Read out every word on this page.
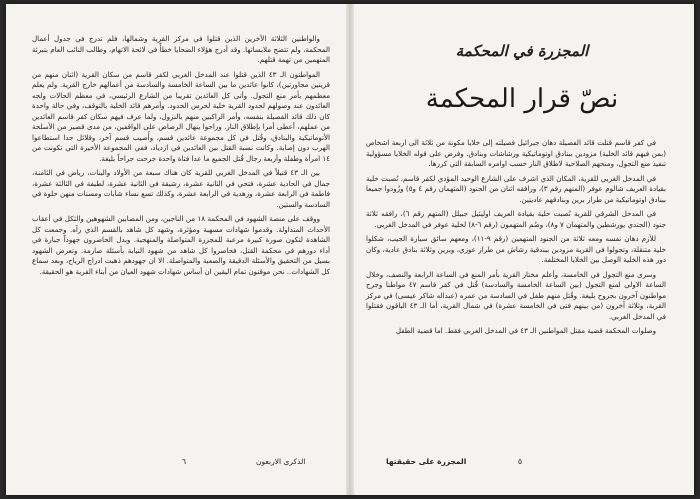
والواطنين الثلاثة الآخرين الذين قتلوا في مركز القرية وشمالها، فلم تدرج في جدول أعمال المحكمة، ولم تتضح ملابساتها. وقد أدرج هؤلاء الضحايا خطأً في لائحة الاتهام، وطالب النائب العام بتبرئة المتهمين من تهمة قتلهم.

المواطنون الـ ٤٣ الذين قتلوا عند المدخل الغربي لكفر قاسم من سكان القرية (اثنان منهم من قريتين مجاورتين)، كانوا عائدين ما بين الساعة الخامسة والسادسة من أعمالهم خارج القرية. ولم يعلم معظمهم بأمر منع التجول. وأتى كل العائدين تقريبا من الشارع الرئيسي، في معظم الحالات ولجه العائدون عند وصولهم لحدود القرية خلية لحرس الحدود. وأمرهم قائد الخلية بالتوقف، وفي حالة واحدة كان ذلك قائد الفصيلة بنفسه، وأمر الراكبين منهم بالنزول، ولما عرف فيهم سكان كفر قاسم العائدين من عملهم، أعطى أمرا بإطلاق النار. وراحوا ينهال الرصاص على الواقفين، من مدى قصير من الأسلحة الأتوماتيكية والبنادق، وقُتل في كل مجموعة عائدين قسم، وأُصيب قسم آخر، وقلائل جدا استطاعوا الهرب دون إصابة. وكانت نسبة القتل بين العائدين في ازدياد، ففي المجموعة الأخيرة التي تكونت من ١٤ امرأة وطفلة وأربعة رجال قُتل الجميع ما عدا فتاة واحدة جرحت جراحاً بليغة.

بين الـ ٤٣ قتيلاً في المدخل الغربي للقرية كان هناك سبعة من الأولاد والبنات، رياض في الثامنة، جمال في الحادية عشرة، فتحي في الثانية عشرة، رشيقة في الثانية عشرة، لطيفة في الثالثة عشرة، فاطمة في الرابعة عشرة، وزهدية في الرابعة عشرة، وكذلك تسع نساء شابات ومسنات منهن حلوة في السادسة والستين.

ووقف على منصة الشهود في المحكمة ١٨ من الناجين، ومن المصابين الشهوهين والثكل في أعقاب الأحداث المتداولة. وقدموا شهادات مسهبة ومؤثرة، وشهد كل شاهد بالقسم الذي رآه. وجمعت كل الشاهدة لتكون صورة كبيرة مرعبة للمجزرة المتواصلة والمنهجية. وبدل الحاضرون جهوداً جبارة في أداء دورهم في محكمة القتل، فحاصروا كل شاهد من شهود النيابة بأسئلة صارمة. وتعرض الشهود بسيل من التحقيق والأسئلة الدقيقة والصعبة والمتواصلة. الا ان جهودهم ذهبت ادراج الرياح، وبعد سماع كل الشهادات.. نحن موقنون تمام اليقين ان أساس شهادات شهود العيان من أبناء القرية هو الحقيقة.

٦	الذكرى الاربعون
المجزرة في المحكمة
نصّ قرار المحكمة

في كفر قاسم قتلت قائد الفصيلة دهان جبرائيل فصيلته إلى خلايا مكونة من ثلاثة الى اربعة اشخاص (بمن فيهم قائد الخلية) مزودين ببنادق اوتوماتيكية ورشاشات وبنادق. وفرض على قوله الخلايا مسؤولية تنفيذ منع التجول، ومنحهم الصلاحية لاطلاق النار حسب اوامره السابقة التي كررها.

في المدخل الغربي للقرية، المكان الذي اشرف على الشارع الوحيد المؤدي لكفر قاسم، نُصبت خلية بقيادة العريف شالوم عوفر (المتهم رقم ٣)، ورافقه اثنان من الجنود (المتهمان رقم ٤ و٥) وزُودوا جميعا ببنادق اوتوماتيكية من طراز برين وبنادقهم عاديتين.

في المدخل الشرقي للقرية نُصبت خلية بقيادة العريف اوليئيل جبيلل (المتهم رقم ٦)، رافقه ثلاثة جنود (الجندي يورشطين والمتهمان ٧ و٨)، وضُم المتهمون (رقم ٦-٨) لخلية عوفر في المدخل الغربي.

للأزم دهان نفسه ومعه ثلاثة من الجنود المتهمين (رقم ٩-١١)، ومعهم سائق سيارة الجيب، شكلوا خلية متنقلة، وتجولوا في القرية مزودين ببندقية رشاش من طراز عوزي، وبرين وثلاثة بنادق عادية، وكان دور هذه الخلية الوصل بين الخلايا المختلفة.

وسرى منع التجول في الخامسة، وأعلم مختار القرية بأمر المنع في الساعة الرابعة والنصف، وخلال الساعة الاولى لمنع التجول (بين الساعة الخامسة والسادسة) قُتل في كفر قاسم ٤٧ مواطنا وجرح مواطنون آخرون بجروح بليغة. وقُتل منهم طفل في السادسة من عمره (عبداله شاكر عيسى) في مركز القرية، وثلاثة آخرون (من بينهم فتى في الخامسة عشرة) في شمال القرية، أما الـ ٤٣ الباقون فقتلوا في المدخل الغربي.

وصلوات المحكمة قضية مقتل المواطنين الـ ٤٣ في المدخل الغربي فقط. اما قضية الطفل

٥
المجزرة على حقيقتها
